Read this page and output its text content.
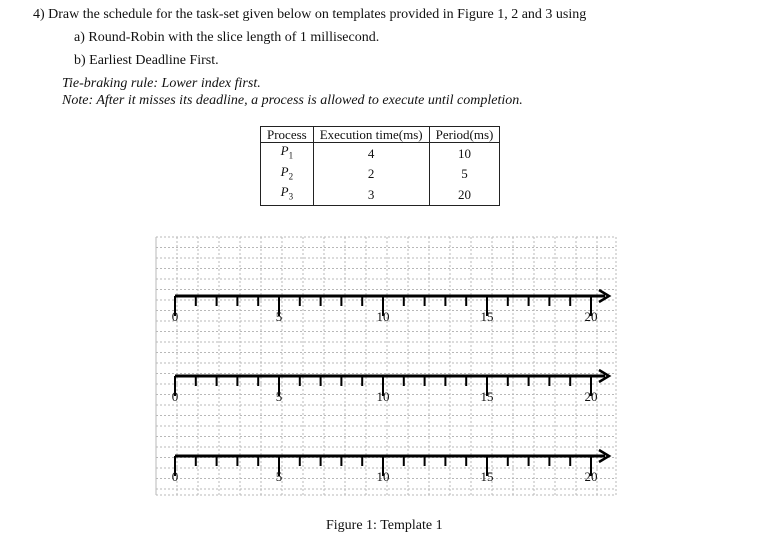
4) Draw the schedule for the task-set given below on templates provided in Figure 1, 2 and 3 using
a) Round-Robin with the slice length of 1 millisecond.
b) Earliest Deadline First.
Tie-braking rule: Lower index first.
Note: After it misses its deadline, a process is allowed to execute until completion.
Process	Execution time(ms)	Period(ms)
$P_1$	4	10
$P_2$	2	5
$P_3$	3	20
0	5	10	15	20
0	5	10	15	20
0	5	10	15	20
Figure 1: Template 1
